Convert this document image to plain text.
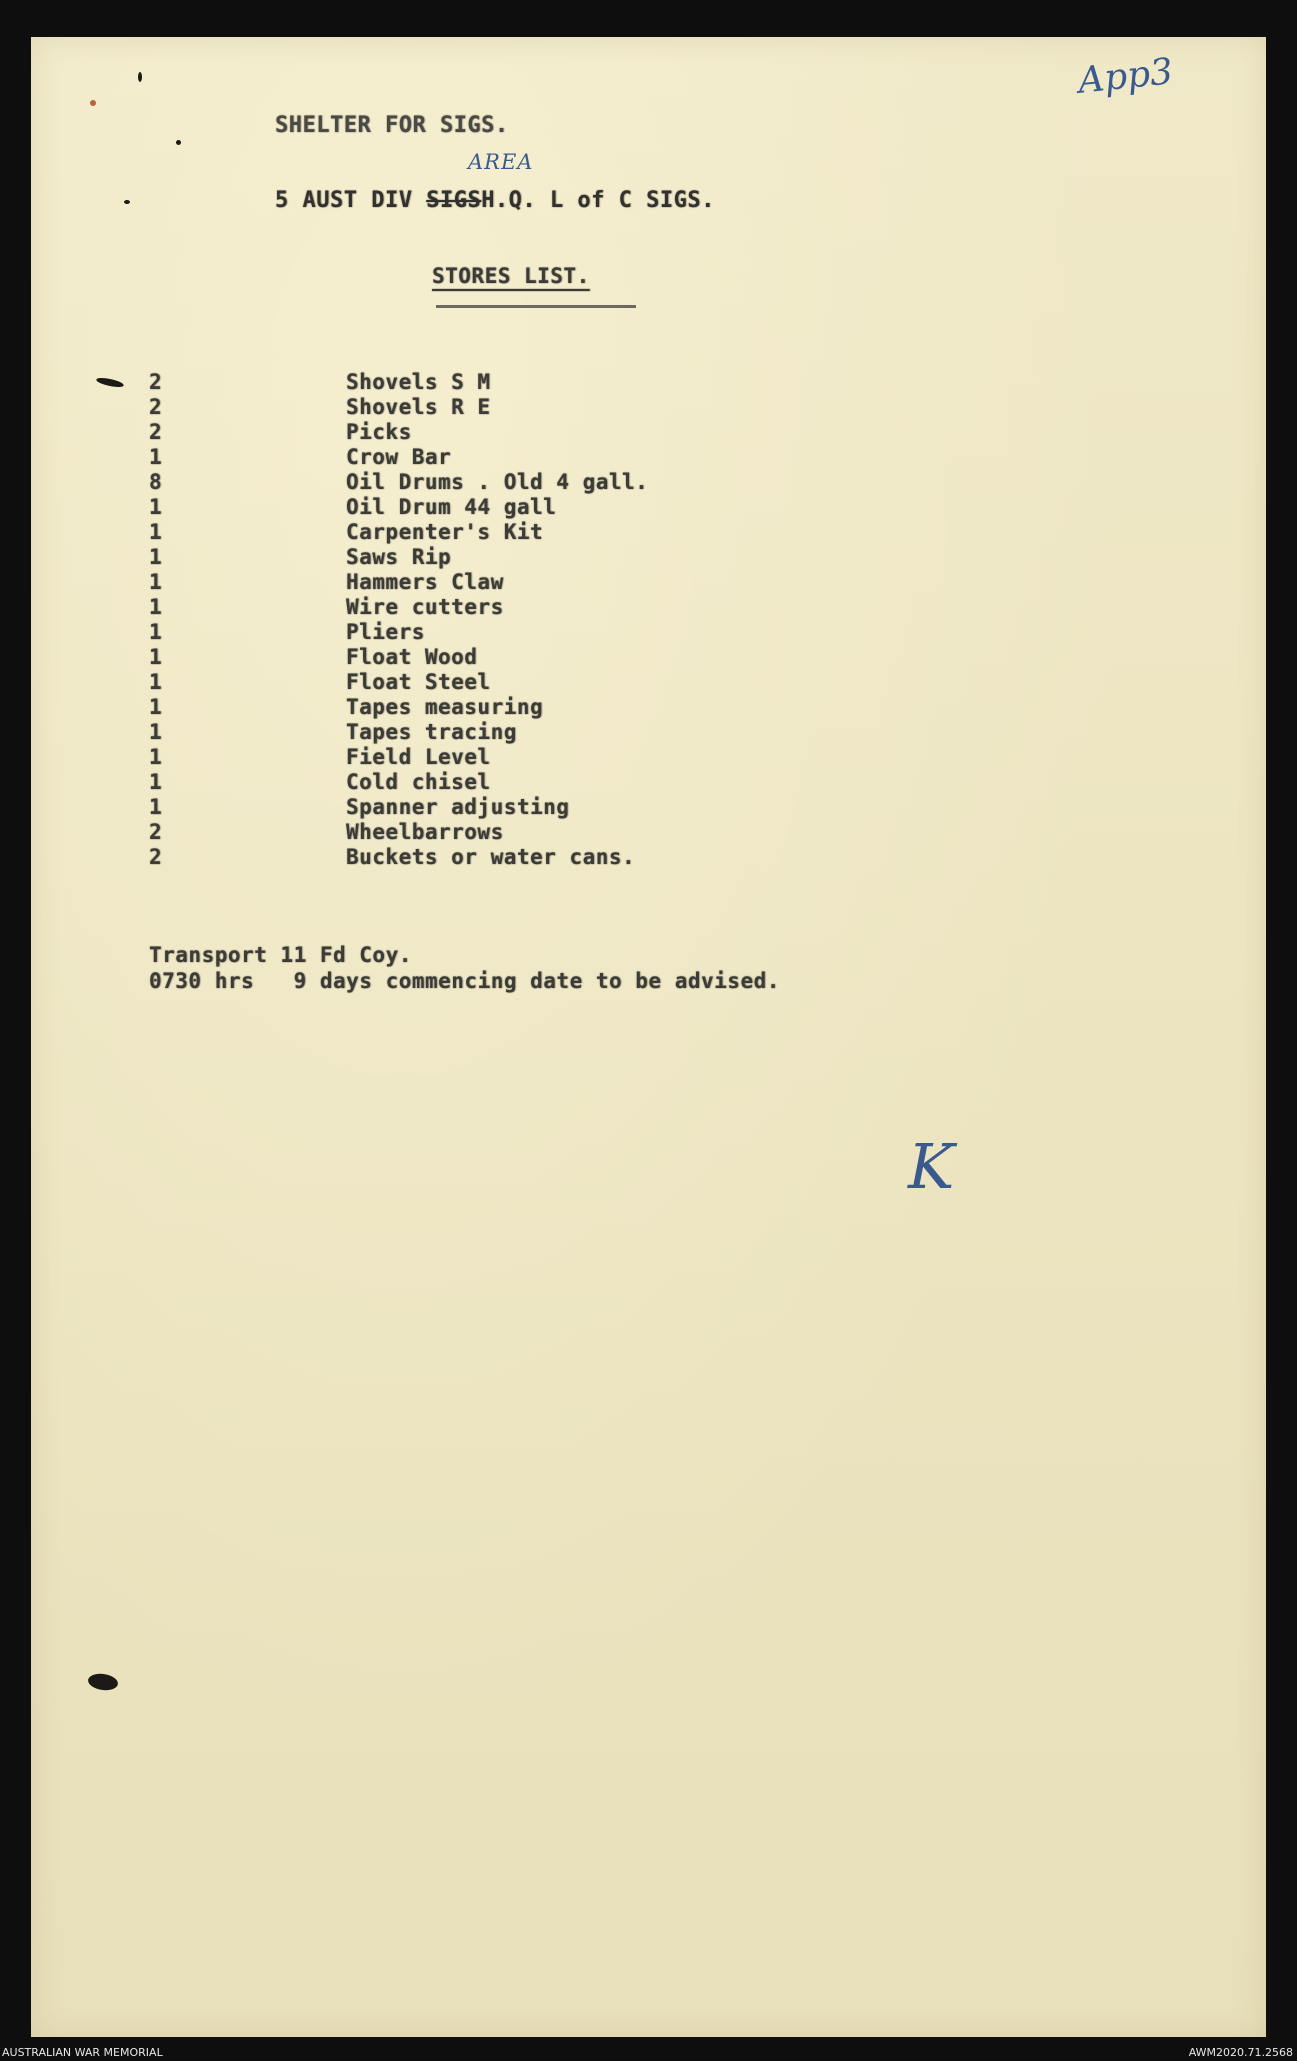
SHELTER FOR SIGS.
AREA
5 AUST DIV SIGSH.Q. L of C SIGS.
App3
STORES LIST.
2	Shovels S M
2	Shovels R E
2	Picks
1	Crow Bar
8	Oil Drums . Old 4 gall.
1	Oil Drum 44 gall
1	Carpenter's Kit
1	Saws Rip
1	Hammers Claw
1	Wire cutters
1	Pliers
1	Float Wood
1	Float Steel
1	Tapes measuring
1	Tapes tracing
1	Field Level
1	Cold chisel
1	Spanner adjusting
2	Wheelbarrows
2	Buckets or water cans.
Transport 11 Fd Coy.
0730 hrs   9 days commencing date to be advised.
K
AUSTRALIAN WAR MEMORIAL	AWM2020.71.2568
